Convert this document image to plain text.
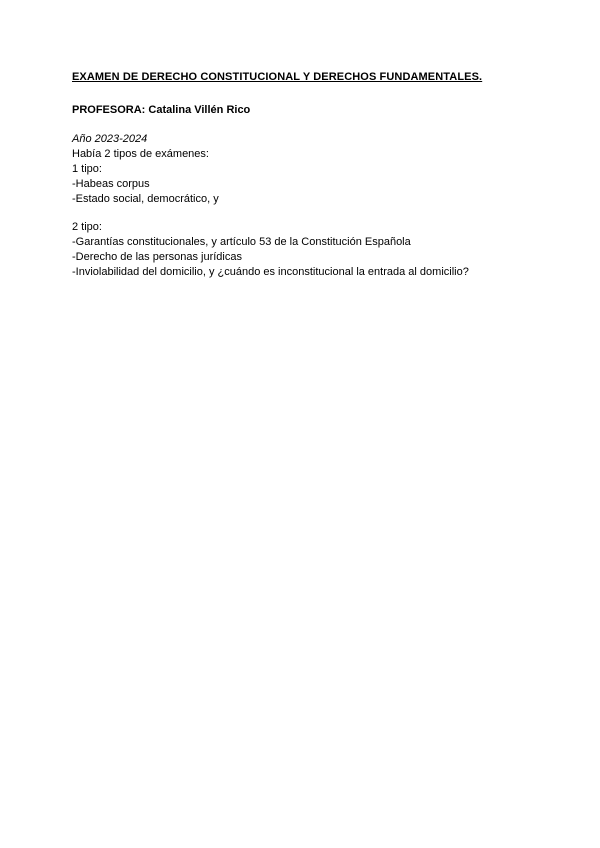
EXAMEN DE DERECHO CONSTITUCIONAL Y DERECHOS FUNDAMENTALES.
PROFESORA: Catalina Villén Rico
Año 2023-2024
Había 2 tipos de exámenes:
1 tipo:
-Habeas corpus
-Estado social, democrático, y
2 tipo:
-Garantías constitucionales, y artículo 53 de la Constitución Española
-Derecho de las personas jurídicas
-Inviolabilidad del domicilio, y ¿cuándo es inconstitucional la entrada al domicilio?
